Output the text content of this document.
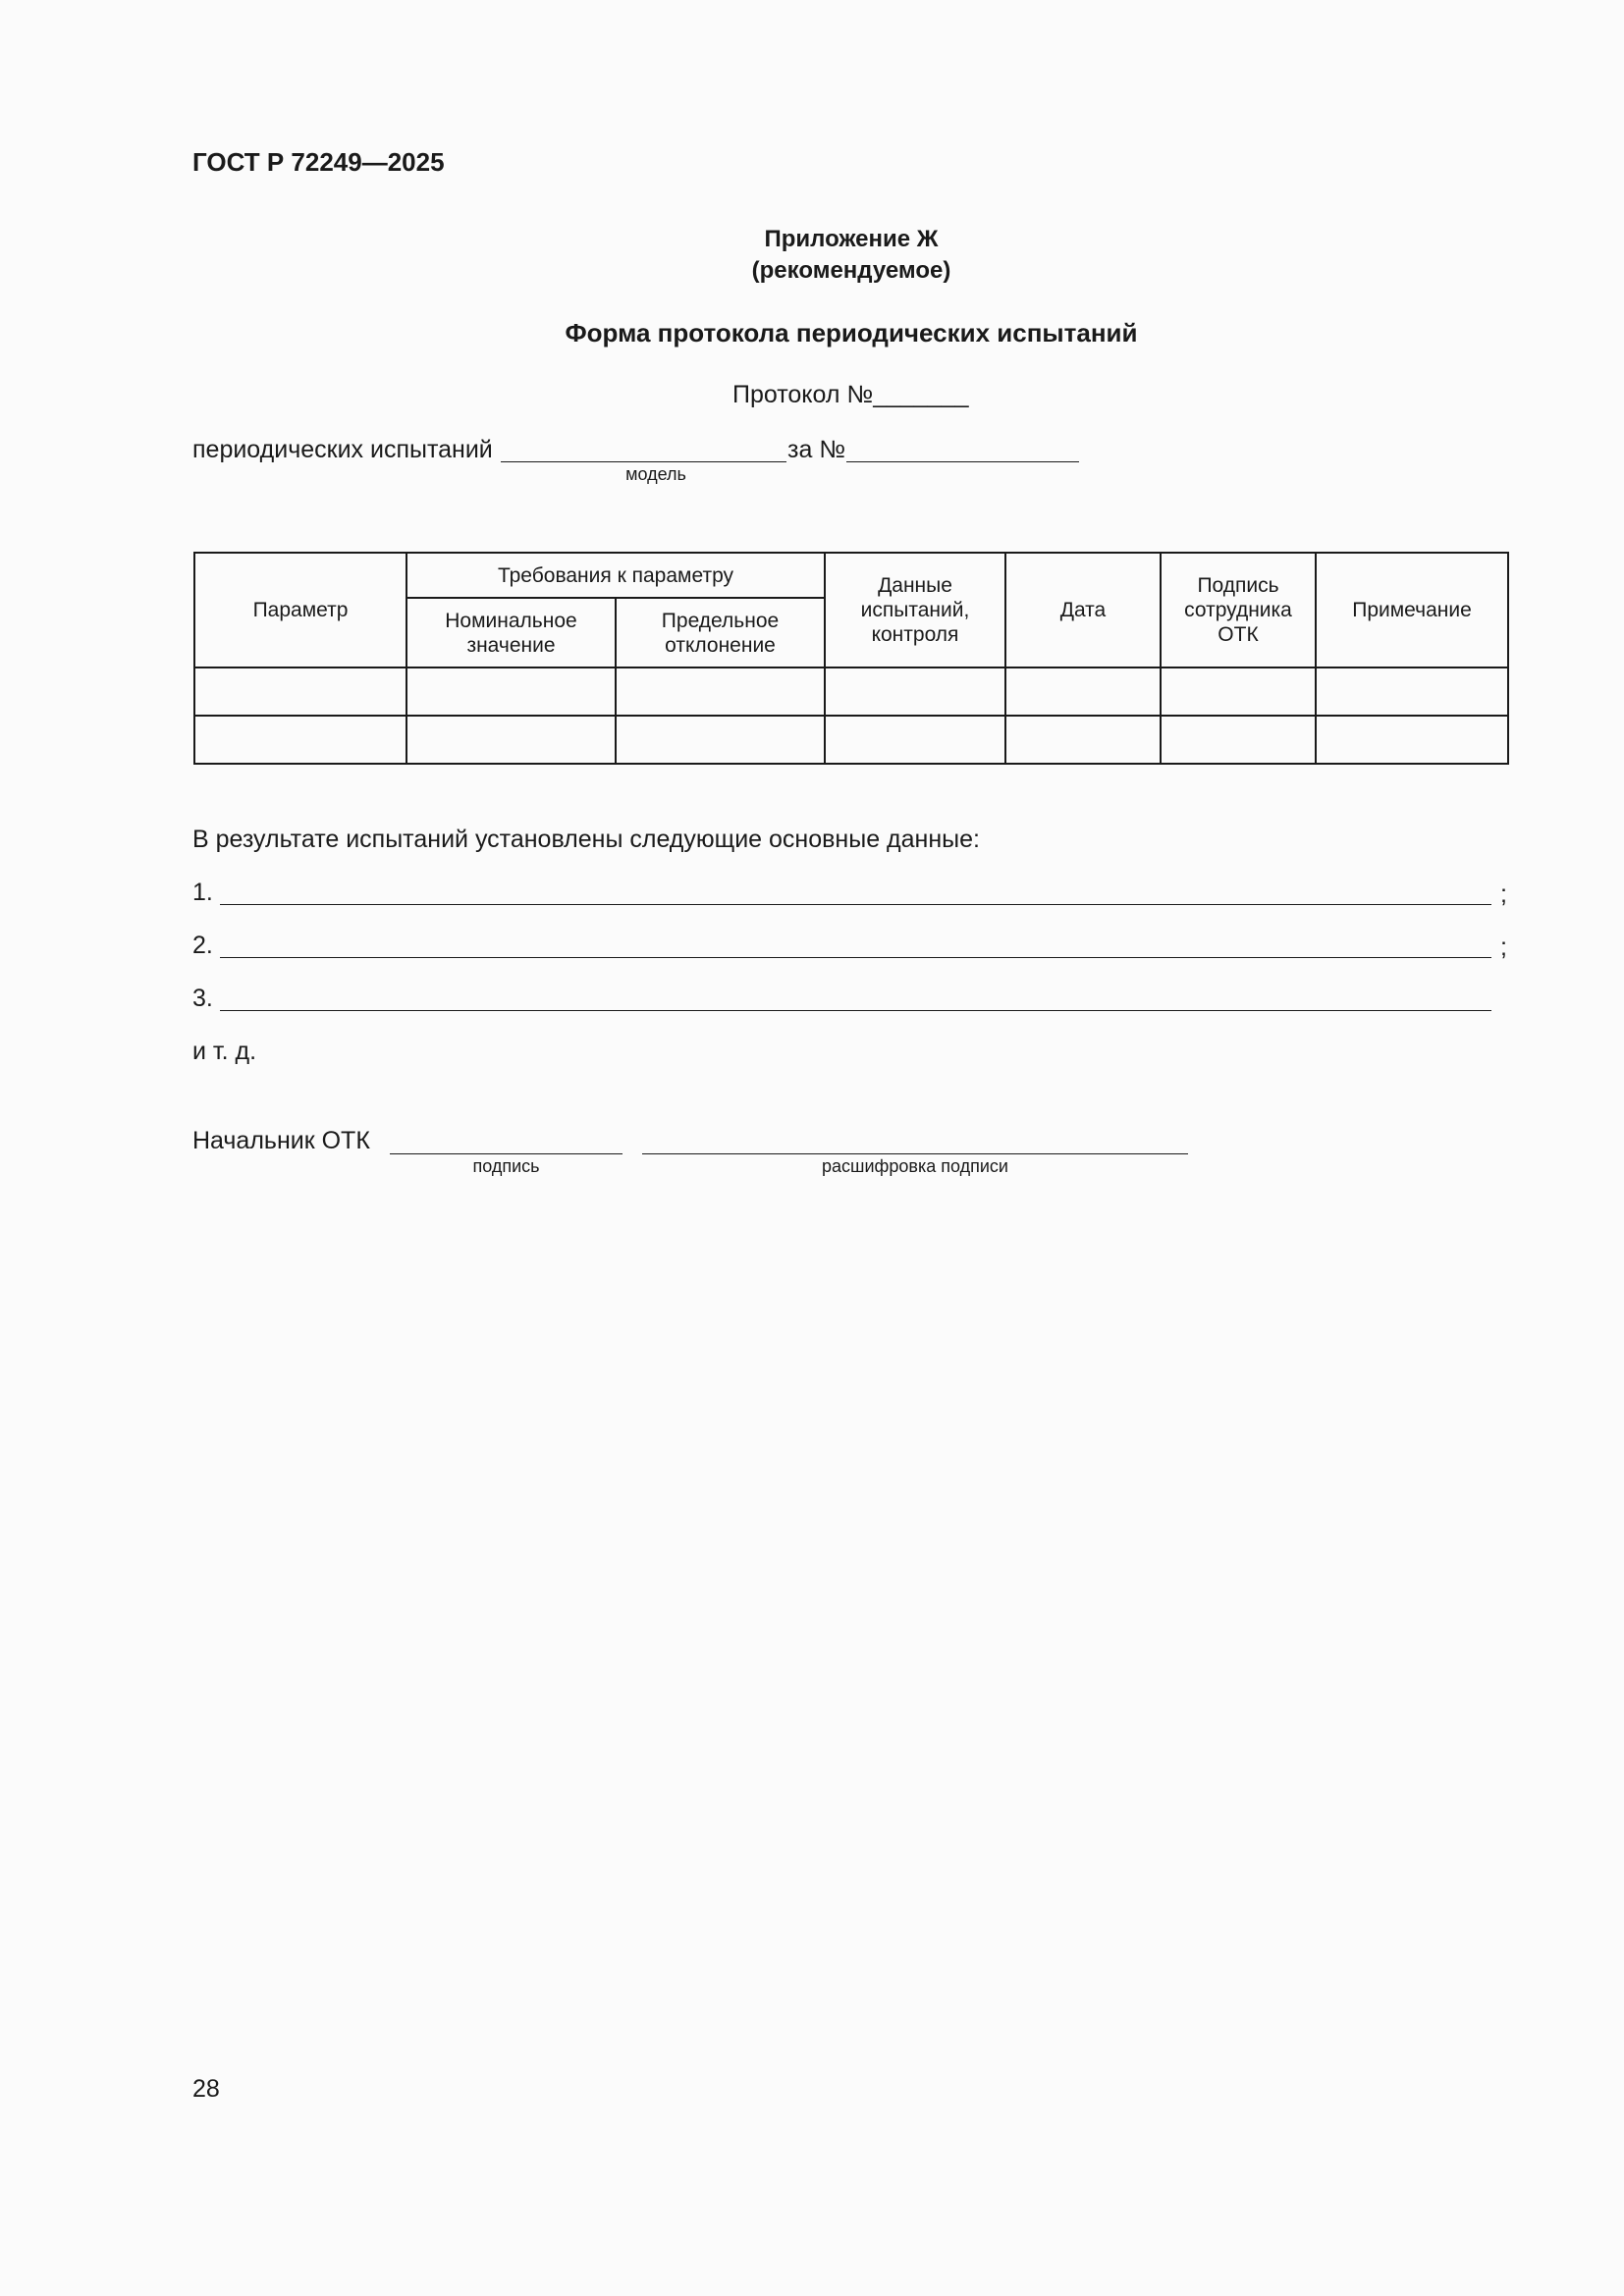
ГОСТ Р 72249—2025
Приложение Ж
(рекомендуемое)
Форма протокола периодических испытаний
Протокол №_______
периодических испытаний	за №
модель
Параметр	Требования к параметру		Данные испытаний, контроля	Дата	Подпись сотрудника ОТК	Примечание
	Номинальное значение	Предельное отклонение				

В результате испытаний установлены следующие основные данные:
1.	;
2.	;
3.
и т. д.
Начальник ОТК
подпись	расшифровка подписи
28
